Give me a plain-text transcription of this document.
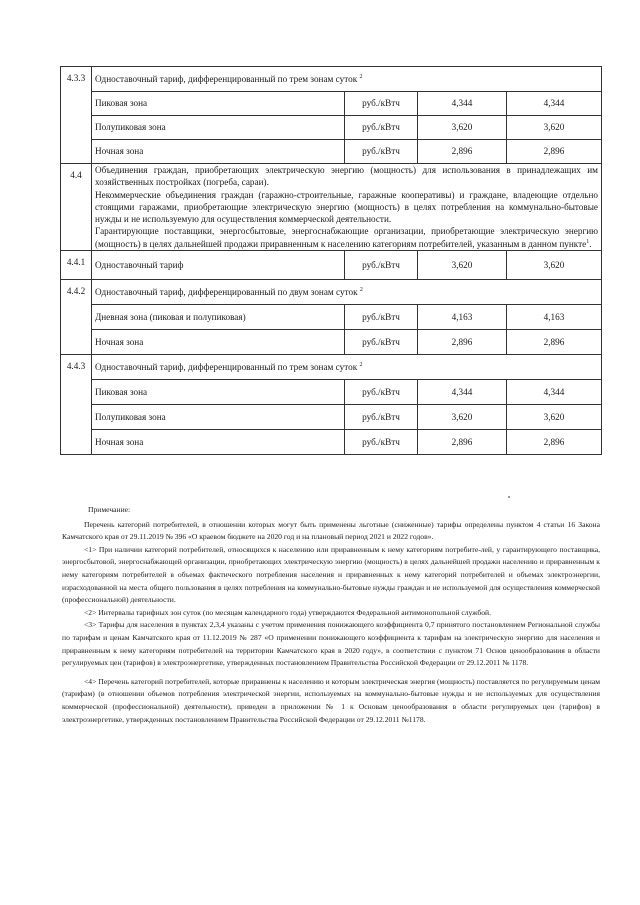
4.3.3	Одноставочный тариф, дифференцированный по трем зонам суток $^2$
	Пиковая зона	руб./кВтч	4,344	4,344
	Полупиковая зона	руб./кВтч	3,620	3,620
	Ночная зона	руб./кВтч	2,896	2,896
4.4	Объединения граждан, приобретающих электрическую энергию (мощность) для использования в принадлежащих им хозяйственных постройках (погреба, сараи).
Некоммерческие объединения граждан (гаражно-строительные, гаражные кооперативы) и граждане, владеющие отдельно стоящими гаражами, приобретающие электрическую энергию (мощность) в целях потребления на коммунально-бытовые нужды и не используемую для осуществления коммерческой деятельности.
Гарантирующие поставщики, энергосбытовые, энергоснабжающие организации, приобретающие электрическую энергию (мощность) в целях дальнейшей продажи приравненным к населению категориям потребителей, указанным в данном пункте$^1$.			

4.4.1	Одноставочный тариф	руб./кВтч	3,620	3,620
4.4.2	Одноставочный тариф, дифференцированный по двум зонам суток $^2$
	Дневная зона (пиковая и полупиковая)	руб./кВтч	4,163	4,163
	Ночная зона	руб./кВтч	2,896	2,896
4.4.3	Одноставочный тариф, дифференцированный по трем зонам суток $^2$
	Пиковая зона	руб./кВтч	4,344	4,344
	Полупиковая зона	руб./кВтч	3,620	3,620
	Ночная зона	руб./кВтч	2,896	2,896

Примечание:

Перечень категорий потребителей, в отношении которых могут быть применены льготные (сниженные) тарифы определены пунктом 4 статьи 16 Закона Камчатского края от 29.11.2019 № 396 «О краевом бюджете на 2020 год и на плановый период 2021 и 2022 годов».

<1> При наличии категорий потребителей, относящихся к населению или приравненным к нему категориям потребите-лей, у гарантирующего поставщика, энергосбытовой, энергоснабжающей организации, приобретающих электрическую энергию (мощность) в целях дальнейшей продажи населению и приравненным к нему категориям потребителей в объемах фактического потребления населения и приравненных к нему категорий потребителей и объемах электроэнергии, израсходованной на места общего пользования в целях потребления на коммунально-бытовые нужды граждан и не используемой для осуществления коммерческой (профессиональной) деятельности.

<2> Интервалы тарифных зон суток (по месяцам календарного года) утверждаются Федеральной антимонопольной службой.

<3> Тарифы для населения в пунктах 2,3,4 указаны с учетом применения понижающего коэффициента 0,7 принятого постановлением Региональной службы по тарифам и ценам Камчатского края от 11.12.2019 № 287 «О применении понижающего коэффициента к тарифам на электрическую энергию для населения и приравненным к нему категориям потребителей на территории Камчатского края в 2020 году», в соответствии с пунктом 71 Основ ценообразования в области регулируемых цен (тарифов) в электроэнергетике, утвержденных постановлением Правительства Российской Федерации от 29.12.2011 № 1178.

<4> Перечень категорий потребителей, которые приравнены к населению и которым электрическая энергия (мощность) поставляется по регулируемым ценам (тарифам) (в отношении объемов потребления электрической энергии, используемых на коммунально-бытовые нужды и не используемых для осуществления коммерческой (профессиональной) деятельности), приведен в приложении № 1 к Основам ценообразования в области регулируемых цен (тарифов) в электроэнергетике, утвержденных постановлением Правительства Российской Федерации от 29.12.2011 №1178.
